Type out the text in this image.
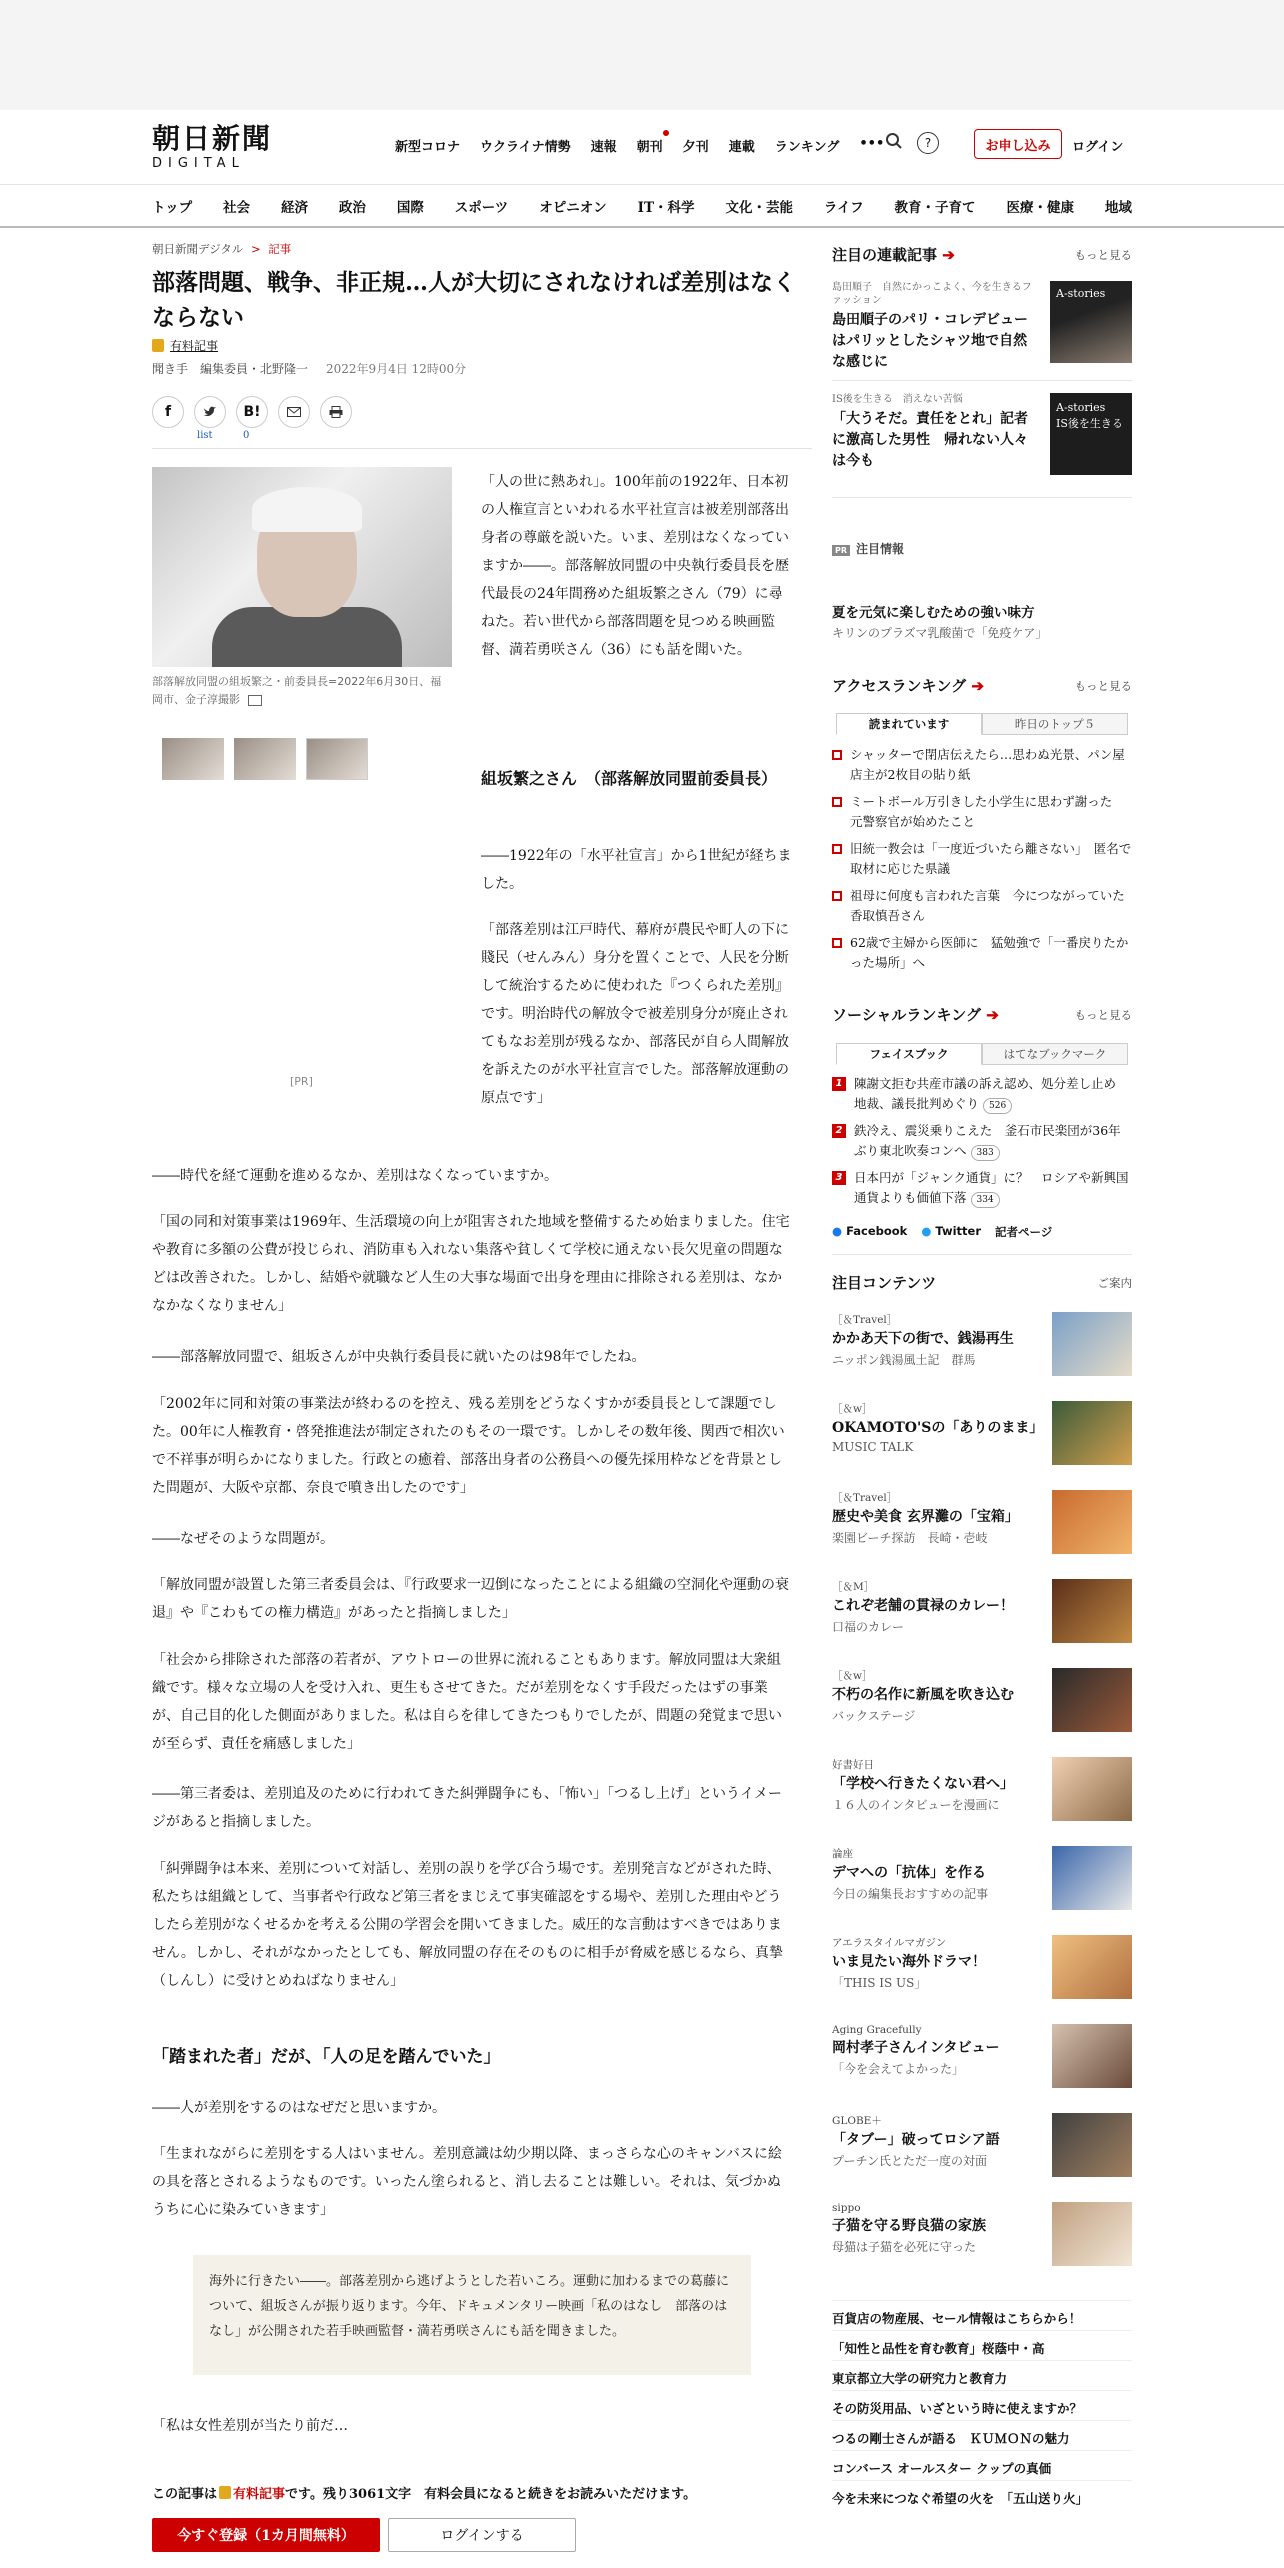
朝日新聞
DIGITAL
新型コロナ ウクライナ情勢 速報 朝刊 夕刊 連載 ランキング •••	?	お申し込み	ログイン
トップ 社会 経済 政治 国際 スポーツ オピニオン IT・科学 文化・芸能 ライフ 教育・子育て 医療・健康 地域
朝日新聞デジタル > 記事
部落問題、戦争、非正規…人が大切にされなければ差別はなくならない
有料記事
聞き手　編集委員・北野隆一 2022年9月4日 12時00分
f	B!
list	0
部落解放同盟の組坂繁之・前委員長=2022年6月30日、福岡市、金子淳撮影
[PR]

「人の世に熱あれ」。100年前の1922年、日本初の人権宣言といわれる水平社宣言は被差別部落出身者の尊厳を説いた。いま、差別はなくなっていますか――。部落解放同盟の中央執行委員長を歴代最長の24年間務めた組坂繁之さん（79）に尋ねた。若い世代から部落問題を見つめる映画監督、満若勇咲さん（36）にも話を聞いた。

組坂繁之さん　（部落解放同盟前委員長）

――1922年の「水平社宣言」から1世紀が経ちました。

「部落差別は江戸時代、幕府が農民や町人の下に賤民（せんみん）身分を置くことで、人民を分断して統治するために使われた『つくられた差別』です。明治時代の解放令で被差別身分が廃止されてもなお差別が残るなか、部落民が自ら人間解放を訴えたのが水平社宣言でした。部落解放運動の原点です」

――時代を経て運動を進めるなか、差別はなくなっていますか。

「国の同和対策事業は1969年、生活環境の向上が阻害された地域を整備するため始まりました。住宅や教育に多額の公費が投じられ、消防車も入れない集落や貧しくて学校に通えない長欠児童の問題などは改善された。しかし、結婚や就職など人生の大事な場面で出身を理由に排除される差別は、なかなかなくなりません」

――部落解放同盟で、組坂さんが中央執行委員長に就いたのは98年でしたね。

「2002年に同和対策の事業法が終わるのを控え、残る差別をどうなくすかが委員長として課題でした。00年に人権教育・啓発推進法が制定されたのもその一環です。しかしその数年後、関西で相次いで不祥事が明らかになりました。行政との癒着、部落出身者の公務員への優先採用枠などを背景とした問題が、大阪や京都、奈良で噴き出したのです」

――なぜそのような問題が。

「解放同盟が設置した第三者委員会は、『行政要求一辺倒になったことによる組織の空洞化や運動の衰退』や『こわもての権力構造』があったと指摘しました」

「社会から排除された部落の若者が、アウトローの世界に流れることもあります。解放同盟は大衆組織です。様々な立場の人を受け入れ、更生もさせてきた。だが差別をなくす手段だったはずの事業が、自己目的化した側面がありました。私は自らを律してきたつもりでしたが、問題の発覚まで思いが至らず、責任を痛感しました」

――第三者委は、差別追及のために行われてきた糾弾闘争にも、「怖い」「つるし上げ」というイメージがあると指摘しました。

「糾弾闘争は本来、差別について対話し、差別の誤りを学び合う場です。差別発言などがされた時、私たちは組織として、当事者や行政など第三者をまじえて事実確認をする場や、差別した理由やどうしたら差別がなくせるかを考える公開の学習会を開いてきました。威圧的な言動はすべきではありません。しかし、それがなかったとしても、解放同盟の存在そのものに相手が脅威を感じるなら、真摯（しんし）に受けとめねばなりません」

「踏まれた者」だが、「人の足を踏んでいた」

――人が差別をするのはなぜだと思いますか。

「生まれながらに差別をする人はいません。差別意識は幼少期以降、まっさらな心のキャンバスに絵の具を落とされるようなものです。いったん塗られると、消し去ることは難しい。それは、気づかぬうちに心に染みていきます」

海外に行きたい――。部落差別から逃げようとした若いころ。運動に加わるまでの葛藤について、組坂さんが振り返ります。今年、ドキュメンタリー映画「私のはなし　部落のはなし」が公開された若手映画監督・満若勇咲さんにも話を聞きました。

「私は女性差別が当たり前だ…

この記事は 有料記事です。残り3061文字　有料会員になると続きをお読みいただけます。
今すぐ登録（1カ月間無料）	ログインする
注目の連載記事 ➔	もっと見る
島田順子　自然にかっこよく、今を生きるファッション
島田順子のパリ・コレデビューはパリッとしたシャツ地で自然な感じに
A-stories
IS後を生きる　消えない苦悩
「大うそだ。責任をとれ」記者に激高した男性　帰れない人々は今も
A-stories　IS後を生きる
PR 注目情報
夏を元気に楽しむための強い味方
キリンのプラズマ乳酸菌で「免疫ケア」
アクセスランキング ➔	もっと見る
読まれています	昨日のトップ５
シャッターで閉店伝えたら…思わぬ光景、パン屋店主が2枚目の貼り紙
ミートボール万引きした小学生に思わず謝った　元警察官が始めたこと
旧統一教会は「一度近づいたら離さない」　匿名で取材に応じた県議
祖母に何度も言われた言葉　今につながっていた　香取慎吾さん
62歳で主婦から医師に　猛勉強で「一番戻りたかった場所」へ
ソーシャルランキング ➔	もっと見る
フェイスブック	はてなブックマーク
1 陳謝文拒む共産市議の訴え認め、処分差し止め　地裁、議長批判めぐり 526
2 鉄冷え、震災乗りこえた　釜石市民楽団が36年ぶり東北吹奏コンへ 383
3 日本円が「ジャンク通貨」に？　ロシアや新興国通貨よりも価値下落 334
● Facebook ● Twitter 記者ページ
注目コンテンツ	ご案内
［＆Travel］
かかあ天下の街で、銭湯再生
ニッポン銭湯風土記　群馬
［＆w］
OKAMOTO'Sの「ありのまま」
MUSIC TALK
［＆Travel］
歴史や美食 玄界灘の「宝箱」
楽園ビーチ探訪　長崎・壱岐
［＆M］
これぞ老舗の貫禄のカレー！
口福のカレー
［＆w］
不朽の名作に新風を吹き込む
バックステージ
好書好日
「学校へ行きたくない君へ」
１６人のインタビューを漫画に
論座
デマへの「抗体」を作る
今日の編集長おすすめの記事
アエラスタイルマガジン
いま見たい海外ドラマ！
「THIS IS US」
Aging Gracefully
岡村孝子さんインタビュー
「今を会えてよかった」
GLOBE＋
「タブー」破ってロシア語
プーチン氏とただ一度の対面
sippo
子猫を守る野良猫の家族
母猫は子猫を必死に守った
百貨店の物産展、セール情報はこちらから！
「知性と品性を育む教育」桜蔭中・高
東京都立大学の研究力と教育力
その防災用品、いざという時に使えますか？
つるの剛士さんが語る　ＫＵＭＯＮの魅力
コンバース オールスター クップの真価
今を未来につなぐ希望の火を　「五山送り火」
